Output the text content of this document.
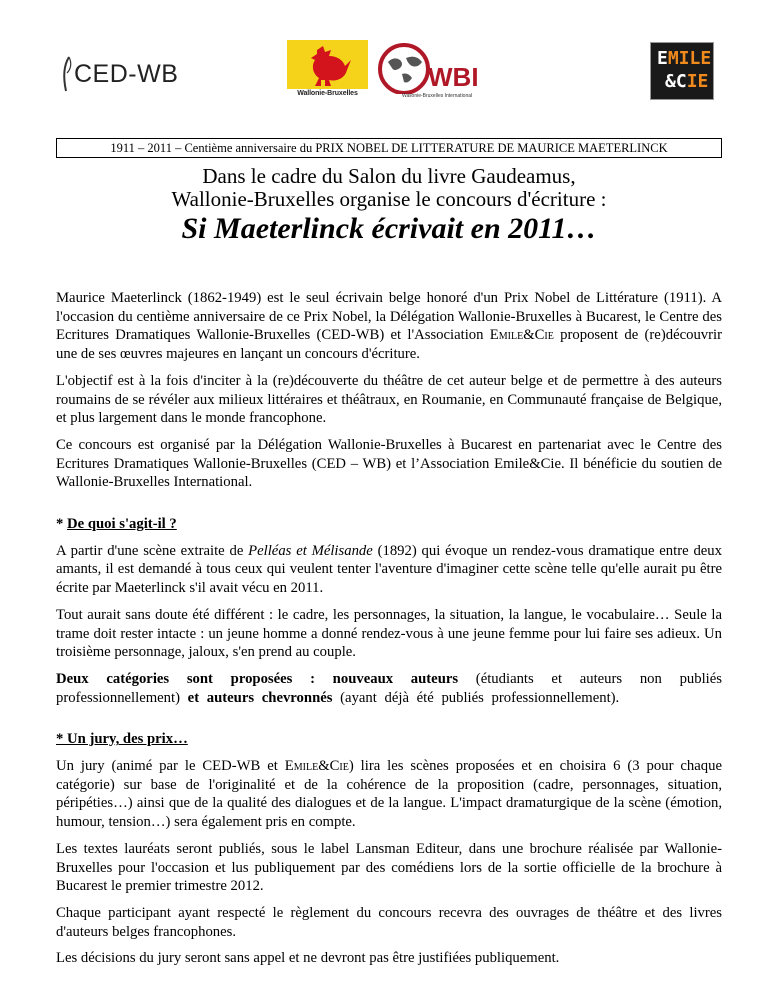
CED-WB
Wallonie-Bruxelles
WBI
Wallonie-Bruxelles International
EMILE
&CIE
1911 – 2011 – Centième anniversaire du PRIX NOBEL DE LITTERATURE DE MAURICE MAETERLINCK
Dans le cadre du Salon du livre Gaudeamus,
Wallonie-Bruxelles organise le concours d'écriture :
Si Maeterlinck écrivait en 2011…

Maurice Maeterlinck (1862-1949) est le seul écrivain belge honoré d'un Prix Nobel de Littérature (1911). A l'occasion du centième anniversaire de ce Prix Nobel, la Délégation Wallonie-Bruxelles à Bucarest, le Centre des Ecritures Dramatiques Wallonie-Bruxelles (CED-WB) et l'Association Emile&Cie proposent de (re)découvrir une de ses œuvres majeures en lançant un concours d'écriture.

L'objectif est à la fois d'inciter à la (re)découverte du théâtre de cet auteur belge et de permettre à des auteurs roumains de se révéler aux milieux littéraires et théâtraux, en Roumanie, en Communauté française de Belgique, et plus largement dans le monde francophone.

Ce concours est organisé par la Délégation Wallonie-Bruxelles à Bucarest en partenariat avec le Centre des Ecritures Dramatiques Wallonie-Bruxelles (CED – WB) et l’Association Emile&Cie. Il bénéficie du soutien de Wallonie-Bruxelles International.

* De quoi s'agit-il ?

A partir d'une scène extraite de Pelléas et Mélisande (1892) qui évoque un rendez-vous dramatique entre deux amants, il est demandé à tous ceux qui veulent tenter l'aventure d'imaginer cette scène telle qu'elle aurait pu être écrite par Maeterlinck s'il avait vécu en 2011.

Tout aurait sans doute été différent : le cadre, les personnages, la situation, la langue, le vocabulaire… Seule la trame doit rester intacte : un jeune homme a donné rendez-vous à une jeune femme pour lui faire ses adieux. Un troisième personnage, jaloux, s'en prend au couple.

Deux catégories sont proposées : nouveaux auteurs (étudiants et auteurs non publiés professionnellement) et auteurs chevronnés (ayant déjà été publiés professionnellement).

* Un jury, des prix…

Un jury (animé par le CED-WB et Emile&Cie) lira les scènes proposées et en choisira 6 (3 pour chaque catégorie) sur base de l'originalité et de la cohérence de la proposition (cadre, personnages, situation, péripéties…) ainsi que de la qualité des dialogues et de la langue. L'impact dramaturgique de la scène (émotion, humour, tension…) sera également pris en compte.

Les textes lauréats seront publiés, sous le label Lansman Editeur, dans une brochure réalisée par Wallonie-Bruxelles pour l'occasion et lus publiquement par des comédiens lors de la sortie officielle de la brochure à Bucarest le premier trimestre 2012.

Chaque participant ayant respecté le règlement du concours recevra des ouvrages de théâtre et des livres d'auteurs belges francophones.

Les décisions du jury seront sans appel et ne devront pas être justifiées publiquement.
